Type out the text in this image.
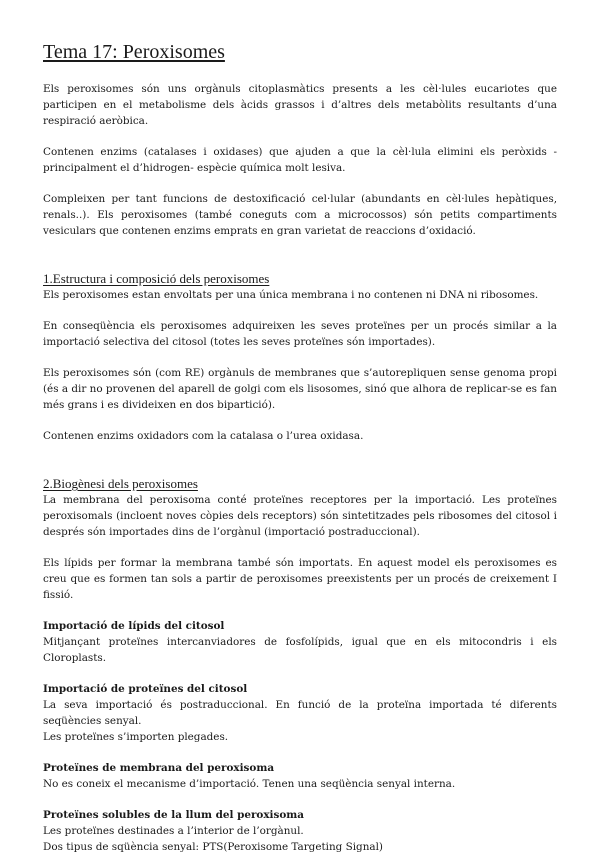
Tema 17: Peroxisomes

Els peroxisomes són uns orgànuls citoplasmàtics presents a les cèl·lules eucariotes que participen en el metabolisme dels àcids grassos i d’altres dels metabòlits resultants d’una respiració aeròbica.

Contenen enzims (catalases i oxidases) que ajuden a que la cèl·lula elimini els peròxids -principalment el d’hidrogen- espècie química molt lesiva.

Compleixen per tant funcions de destoxificació cel·lular (abundants en cèl·lules hepàtiques, renals..). Els peroxisomes (també coneguts com a microcossos) són petits compartiments vesiculars que contenen enzims emprats en gran varietat de reaccions d’oxidació.

1.Estructura i composició dels peroxisomes

Els peroxisomes estan envoltats per una única membrana i no contenen ni DNA ni ribosomes.

En conseqüència els peroxisomes adquireixen les seves proteïnes per un procés similar a la importació selectiva del citosol (totes les seves proteïnes són importades).

Els peroxisomes són (com RE) orgànuls de membranes que s’autorepliquen sense genoma propi (és a dir no provenen del aparell de golgi com els lisosomes, sinó que alhora de replicar-se es fan més grans i es divideixen en dos bipartició).

Contenen enzims oxidadors com la catalasa o l’urea oxidasa.

2.Biogènesi dels peroxisomes

La membrana del peroxisoma conté proteïnes receptores per la importació. Les proteïnes peroxisomals (incloent noves còpies dels receptors) són sintetitzades pels ribosomes del citosol i després són importades dins de l’orgànul (importació postraduccional).

Els lípids per formar la membrana també són importats. En aquest model els peroxisomes es creu que es formen tan sols a partir de peroxisomes preexistents per un procés de creixement I fissió.

Importació de lípids del citosol

Mitjançant proteïnes intercanviadores de fosfolípids, igual que en els mitocondris i els Cloroplasts.

Importació de proteïnes del citosol

La seva importació és postraduccional. En funció de la proteïna importada té diferents seqüències senyal.

Les proteïnes s’importen plegades.

Proteïnes de membrana del peroxisoma

No es coneix el mecanisme d’importació. Tenen una seqüència senyal interna.

Proteïnes solubles de la llum del peroxisoma

Les proteïnes destinades a l’interior de l’orgànul.

Dos tipus de sqüència senyal: PTS(Peroxisome Targeting Signal)
